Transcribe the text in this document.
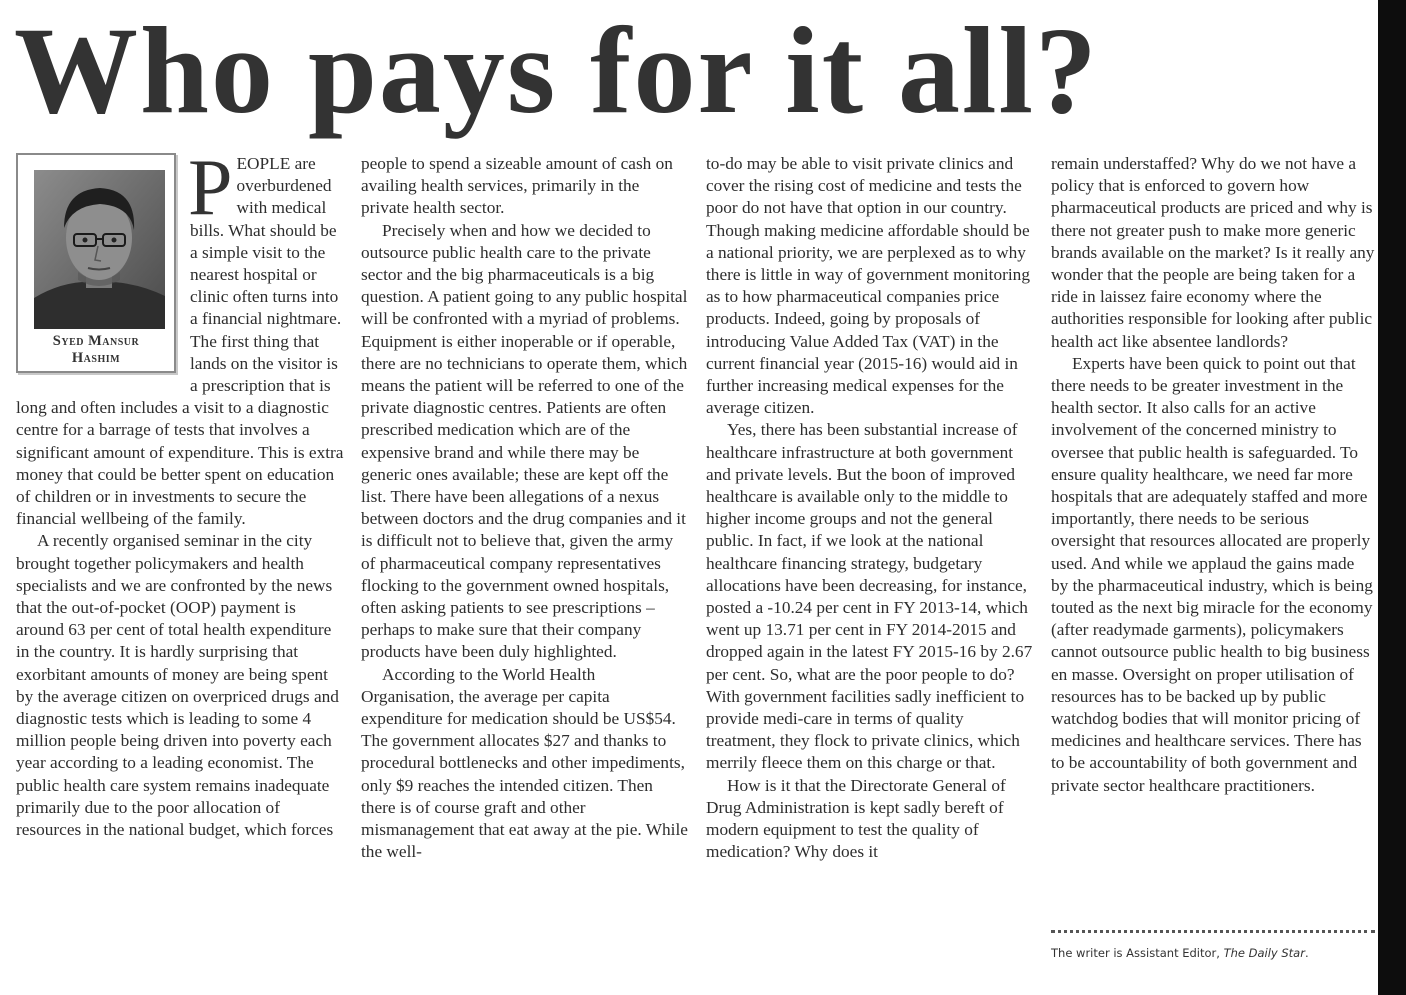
Who pays for it all?
Syed Mansur
Hashim
P EOPLE are overburdened with medical bills. What should be a simple visit to the nearest hospital or clinic often turns into a financial nightmare. The first thing that lands on the visitor is a prescription that is long and often includes a visit to a diagnostic centre for a barrage of tests that involves a significant amount of expenditure. This is extra money that could be better spent on education of children or in investments to secure the financial wellbeing of the family.

A recently organised seminar in the city brought together policymakers and health specialists and we are confronted by the news that the out-of-pocket (OOP) payment is around 63 per cent of total health expenditure in the country. It is hardly surprising that exorbitant amounts of money are being spent by the average citizen on overpriced drugs and diagnostic tests which is leading to some 4 million people being driven into poverty each year according to a leading economist. The public health care system remains inadequate primarily due to the poor allocation of resources in the national budget, which forces

people to spend a sizeable amount of cash on availing health services, primarily in the private health sector.

Precisely when and how we decided to outsource public health care to the private sector and the big pharmaceuticals is a big question. A patient going to any public hospital will be confronted with a myriad of problems. Equipment is either inoperable or if operable, there are no technicians to operate them, which means the patient will be referred to one of the private diagnostic centres. Patients are often prescribed medication which are of the expensive brand and while there may be generic ones available; these are kept off the list. There have been allegations of a nexus between doctors and the drug companies and it is difficult not to believe that, given the army of pharmaceutical company representatives flocking to the government owned hospitals, often asking patients to see prescriptions – perhaps to make sure that their company products have been duly highlighted.

According to the World Health Organisation, the average per capita expenditure for medication should be US$54. The government allocates $27 and thanks to procedural bottlenecks and other impediments, only $9 reaches the intended citizen. Then there is of course graft and other mismanagement that eat away at the pie. While the well-

to-do may be able to visit private clinics and cover the rising cost of medicine and tests the poor do not have that option in our country. Though making medicine affordable should be a national priority, we are perplexed as to why there is little in way of government monitoring as to how pharmaceutical companies price products. Indeed, going by proposals of introducing Value Added Tax (VAT) in the current financial year (2015-16) would aid in further increasing medical expenses for the average citizen.

Yes, there has been substantial increase of healthcare infrastructure at both government and private levels. But the boon of improved healthcare is available only to the middle to higher income groups and not the general public. In fact, if we look at the national healthcare financing strategy, budgetary allocations have been decreasing, for instance, posted a -10.24 per cent in FY 2013-14, which went up 13.71 per cent in FY 2014-2015 and dropped again in the latest FY 2015-16 by 2.67 per cent. So, what are the poor people to do? With government facilities sadly inefficient to provide medi-care in terms of quality treatment, they flock to private clinics, which merrily fleece them on this charge or that.

How is it that the Directorate General of Drug Administration is kept sadly bereft of modern equipment to test the quality of medication? Why does it

remain understaffed? Why do we not have a policy that is enforced to govern how pharmaceutical products are priced and why is there not greater push to make more generic brands available on the market? Is it really any wonder that the people are being taken for a ride in laissez faire economy where the authorities responsible for looking after public health act like absentee landlords?

Experts have been quick to point out that there needs to be greater investment in the health sector. It also calls for an active involvement of the concerned ministry to oversee that public health is safeguarded. To ensure quality healthcare, we need far more hospitals that are adequately staffed and more importantly, there needs to be serious oversight that resources allocated are properly used. And while we applaud the gains made by the pharmaceutical industry, which is being touted as the next big miracle for the economy (after readymade garments), policymakers cannot outsource public health to big business en masse. Oversight on proper utilisation of resources has to be backed up by public watchdog bodies that will monitor pricing of medicines and healthcare services. There has to be accountability of both government and private sector healthcare practitioners.

The writer is Assistant Editor, The Daily Star.
